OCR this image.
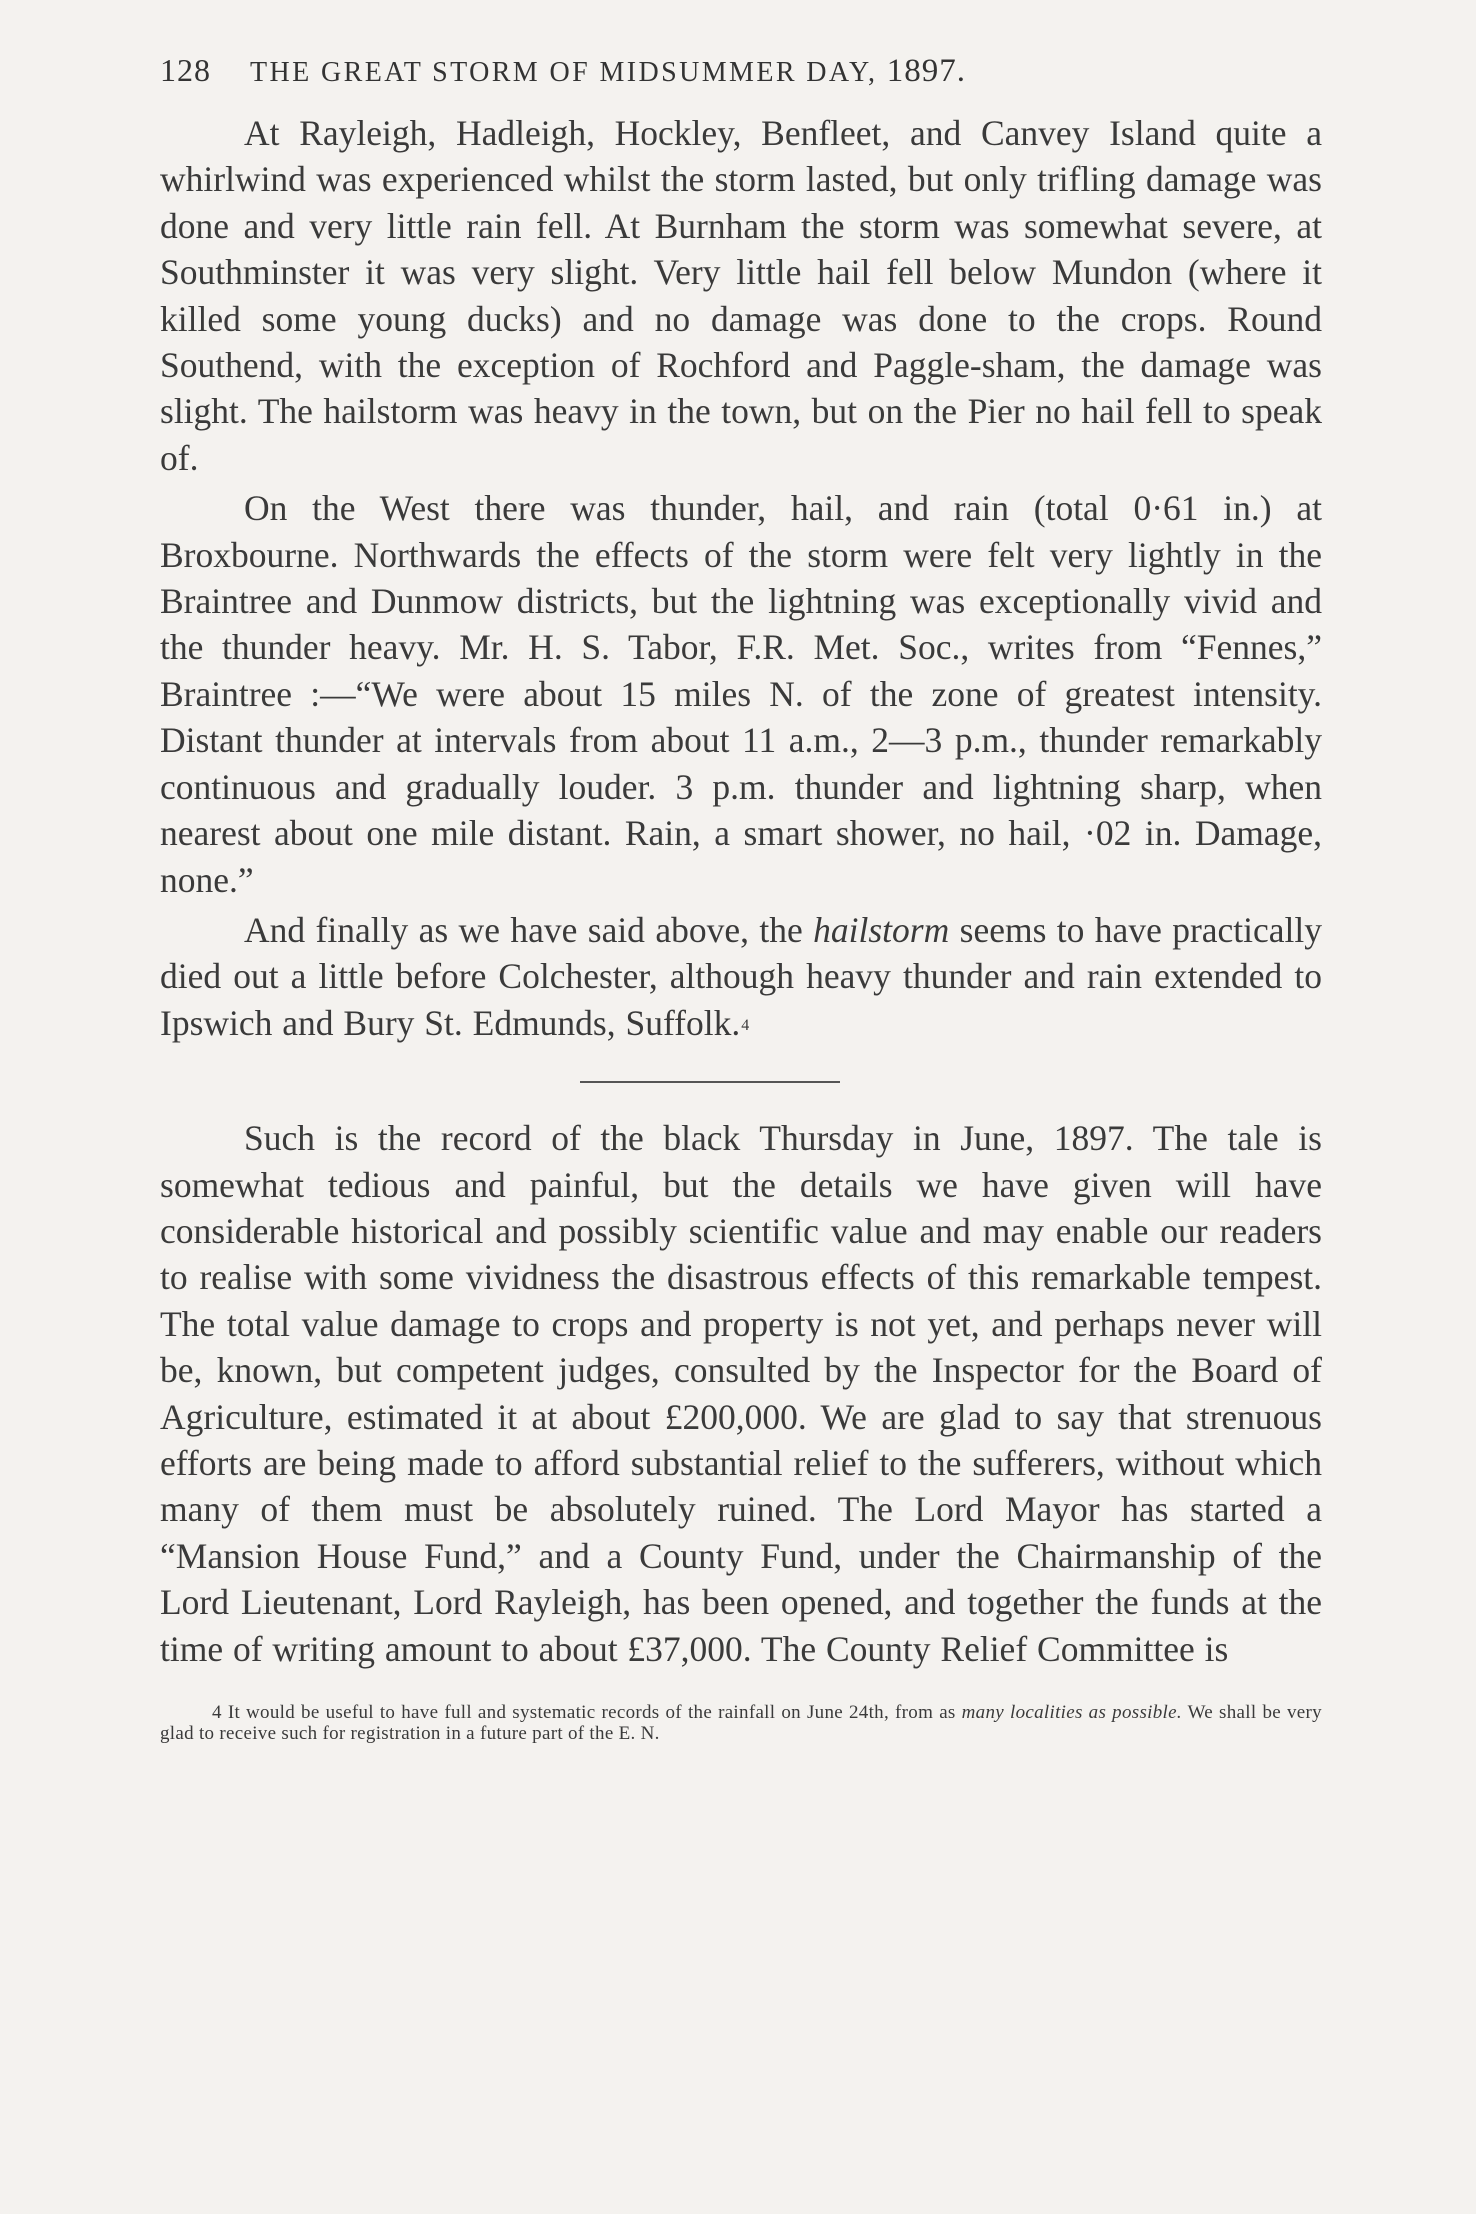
128	THE GREAT STORM OF MIDSUMMER DAY, 1897.

At Rayleigh, Hadleigh, Hockley, Benfleet, and Canvey Island quite a whirlwind was experienced whilst the storm lasted, but only trifling damage was done and very little rain fell. At Burnham the storm was somewhat severe, at Southminster it was very slight. Very little hail fell below Mundon (where it killed some young ducks) and no damage was done to the crops. Round Southend, with the exception of Rochford and Paggle-sham, the damage was slight. The hailstorm was heavy in the town, but on the Pier no hail fell to speak of.

On the West there was thunder, hail, and rain (total 0·61 in.) at Broxbourne. Northwards the effects of the storm were felt very lightly in the Braintree and Dunmow districts, but the lightning was exceptionally vivid and the thunder heavy. Mr. H. S. Tabor, F.R. Met. Soc., writes from “Fennes,” Braintree :—“We were about 15 miles N. of the zone of greatest intensity. Distant thunder at intervals from about 11 a.m., 2—3 p.m., thunder remarkably continuous and gradually louder. 3 p.m. thunder and lightning sharp, when nearest about one mile distant. Rain, a smart shower, no hail, ·02 in. Damage, none.”

And finally as we have said above, the hailstorm seems to have practically died out a little before Colchester, although heavy thunder and rain extended to Ipswich and Bury St. Edmunds, Suffolk.4

Such is the record of the black Thursday in June, 1897. The tale is somewhat tedious and painful, but the details we have given will have considerable historical and possibly scientific value and may enable our readers to realise with some vividness the disastrous effects of this remarkable tempest. The total value damage to crops and property is not yet, and perhaps never will be, known, but competent judges, consulted by the Inspector for the Board of Agriculture, estimated it at about £200,000. We are glad to say that strenuous efforts are being made to afford substantial relief to the sufferers, without which many of them must be absolutely ruined. The Lord Mayor has started a “Mansion House Fund,” and a County Fund, under the Chairmanship of the Lord Lieutenant, Lord Rayleigh, has been opened, and together the funds at the time of writing amount to about £37,000. The County Relief Committee is

4 It would be useful to have full and systematic records of the rainfall on June 24th, from as many localities as possible. We shall be very glad to receive such for registration in a future part of the E. N.
